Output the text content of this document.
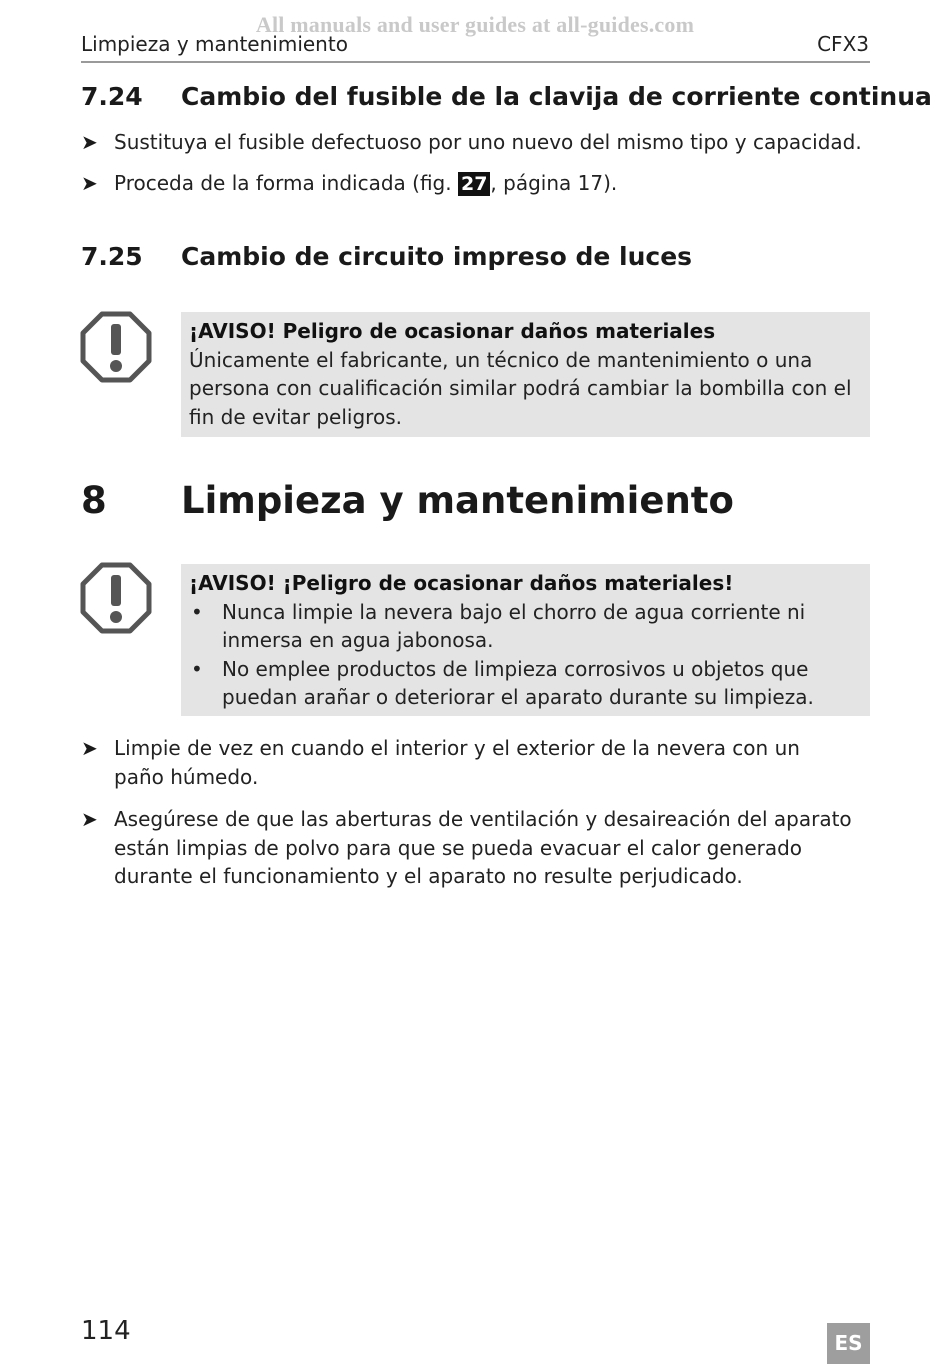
All manuals and user guides at all-guides.com
Limpieza y mantenimiento	CFX3
7.24 Cambio del fusible de la clavija de corriente continua
➤ Sustituya el fusible defectuoso por uno nuevo del mismo tipo y capacidad.
➤ Proceda de la forma indicada (fig. 27 , página 17).
7.25 Cambio de circuito impreso de luces
¡AVISO! Peligro de ocasionar daños materiales
Únicamente el fabricante, un técnico de mantenimiento o una persona con cualificación similar podrá cambiar la bombilla con el fin de evitar peligros.
8 Limpieza y mantenimiento
¡AVISO! ¡Peligro de ocasionar daños materiales!
• Nunca limpie la nevera bajo el chorro de agua corriente ni inmersa en agua jabonosa.
• No emplee productos de limpieza corrosivos u objetos que puedan arañar o deteriorar el aparato durante su limpieza.
➤ Limpie de vez en cuando el interior y el exterior de la nevera con un paño húmedo.
➤ Asegúrese de que las aberturas de ventilación y desaireación del aparato están limpias de polvo para que se pueda evacuar el calor generado durante el funcionamiento y el aparato no resulte perjudicado.
114	ES
